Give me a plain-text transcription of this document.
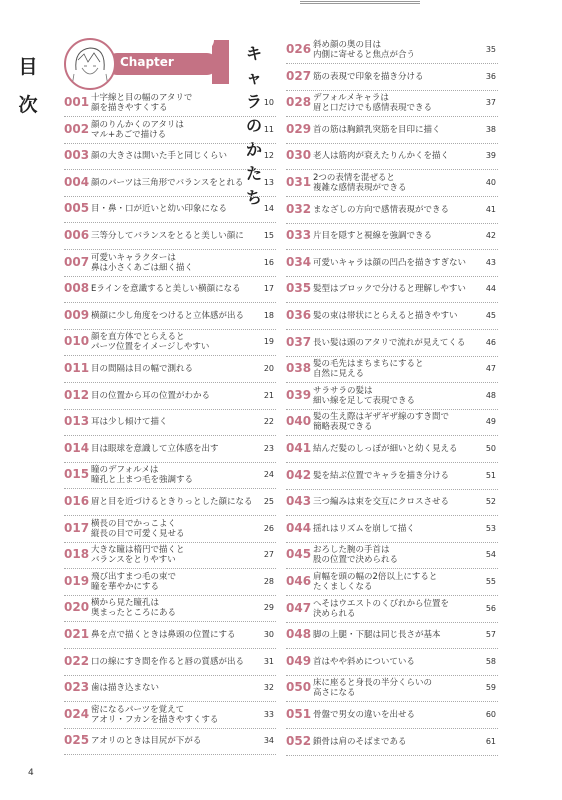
目
次
Chapter	キャラの
かたち
001 十字線と目の幅のアタリで
顔を描きやすくする
10
002 顔のりんかくのアタリは
マル+あごで描ける
11
003 顔の大きさは開いた手と同じくらい	12
004 顔のパーツは三角形でバランスをとれる	13
005 目・鼻・口が近いと幼い印象になる	14
006 三等分してバランスをとると美しい顔に	15
007 可愛いキャラクターは
鼻は小さくあごは細く描く
16
008 Eラインを意識すると美しい横顔になる	17
009 横顔に少し角度をつけると立体感が出る	18
010 顔を直方体でとらえると
パーツ位置をイメージしやすい
19
011 目の間隔は目の幅で測れる	20
012 目の位置から耳の位置がわかる	21
013 耳は少し傾けて描く	22
014 目は眼球を意識して立体感を出す	23
015 瞳のデフォルメは
瞳孔と上まつ毛を強調する
24
016 眉と目を近づけるときりっとした顔になる	25
017 横長の目でかっこよく
縦長の目で可愛く見せる
26
018 大きな瞳は楕円で描くと
バランスをとりやすい
27
019 飛び出すまつ毛の束で
瞳を華やかにする
28
020 横から見た瞳孔は
奥まったところにある
29
021 鼻を点で描くときは鼻頭の位置にする	30
022 口の線にすき間を作ると唇の質感が出る	31
023 歯は描き込まない	32
024 密になるパーツを覚えて
アオリ・フカンを描きやすくする
33
025 アオリのときは目尻が下がる	34
026 斜め顔の奥の目は
内側に寄せると焦点が合う
35
027 筋の表現で印象を描き分ける	36
028 デフォルメキャラは
眉と口だけでも感情表現できる
37
029 首の筋は胸鎖乳突筋を目印に描く	38
030 老人は筋肉が衰えたりんかくを描く	39
031 2つの表情を混ぜると
複雑な感情表現ができる
40
032 まなざしの方向で感情表現ができる	41
033 片目を隠すと視線を強調できる	42
034 可愛いキャラは顔の凹凸を描きすぎない	43
035 髪型はブロックで分けると理解しやすい	44
036 髪の束は帯状にとらえると描きやすい	45
037 長い髪は頭のアタリで流れが見えてくる	46
038 髪の毛先はまちまちにすると
自然に見える
47
039 サラサラの髪は
細い線を足して表現できる
48
040 髪の生え際はギザギザ線のすき間で
簡略表現できる
49
041 結んだ髪のしっぽが細いと幼く見える	50
042 髪を結ぶ位置でキャラを描き分ける	51
043 三つ編みは束を交互にクロスさせる	52
044 揺れはリズムを崩して描く	53
045 おろした腕の手首は
股の位置で決められる
54
046 肩幅を頭の幅の2倍以上にすると
たくましくなる
55
047 へそはウエストのくびれから位置を
決められる
56
048 脚の上腿・下腿は同じ長さが基本	57
049 首はやや斜めについている	58
050 床に座ると身長の半分くらいの
高さになる
59
051 骨盤で男女の違いを出せる	60
052 鎖骨は肩のそばまである	61
4
